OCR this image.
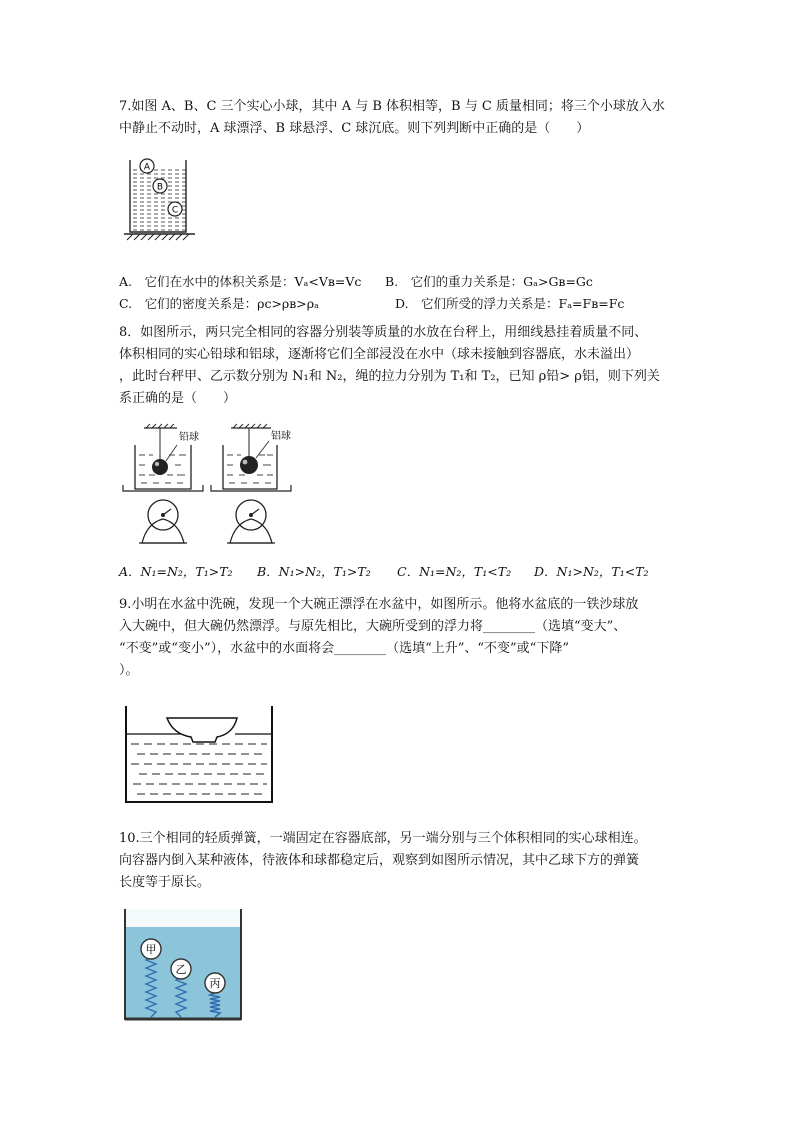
7.如图 A、B、C 三个实心小球，其中 A 与 B 体积相等，B 与 C 质量相同；将三个小球放入水
中静止不动时，A 球漂浮、B 球悬浮、C 球沉底。则下列判断中正确的是（　　）
A
B
C
A.　它们在水中的体积关系是：Vₐ<Vʙ=Vc B.　它们的重力关系是：Gₐ>Gʙ=Gc
C.　它们的密度关系是：ρc>ρʙ>ρₐ	D.　它们所受的浮力关系是：Fₐ=Fʙ=Fc
8．如图所示，两只完全相同的容器分别装等质量的水放在台秤上，用细线悬挂着质量不同、
体积相同的实心铅球和铝球，逐渐将它们全部浸没在水中（球未接触到容器底，水未溢出）
，此时台秤甲、乙示数分别为 N₁和 N₂，绳的拉力分别为 T₁和 T₂，已知 ρ铅> ρ铝，则下列关
系正确的是（　　）
铅球	铝球
A．N₁=N₂，T₁>T₂ B．N₁>N₂，T₁>T₂ C．N₁=N₂，T₁<T₂ D．N₁>N₂，T₁<T₂
9.小明在水盆中洗碗，发现一个大碗正漂浮在水盆中，如图所示。他将水盆底的一铁沙球放
入大碗中，但大碗仍然漂浮。与原先相比，大碗所受到的浮力将________（选填“变大”、
“不变”或“变小”），水盆中的水面将会________（选填“上升”、“不变”或“下降”
）。
10.三个相同的轻质弹簧，一端固定在容器底部，另一端分别与三个体积相同的实心球相连。
向容器内倒入某种液体，待液体和球都稳定后，观察到如图所示情况，其中乙球下方的弹簧
长度等于原长。
甲
乙
丙
